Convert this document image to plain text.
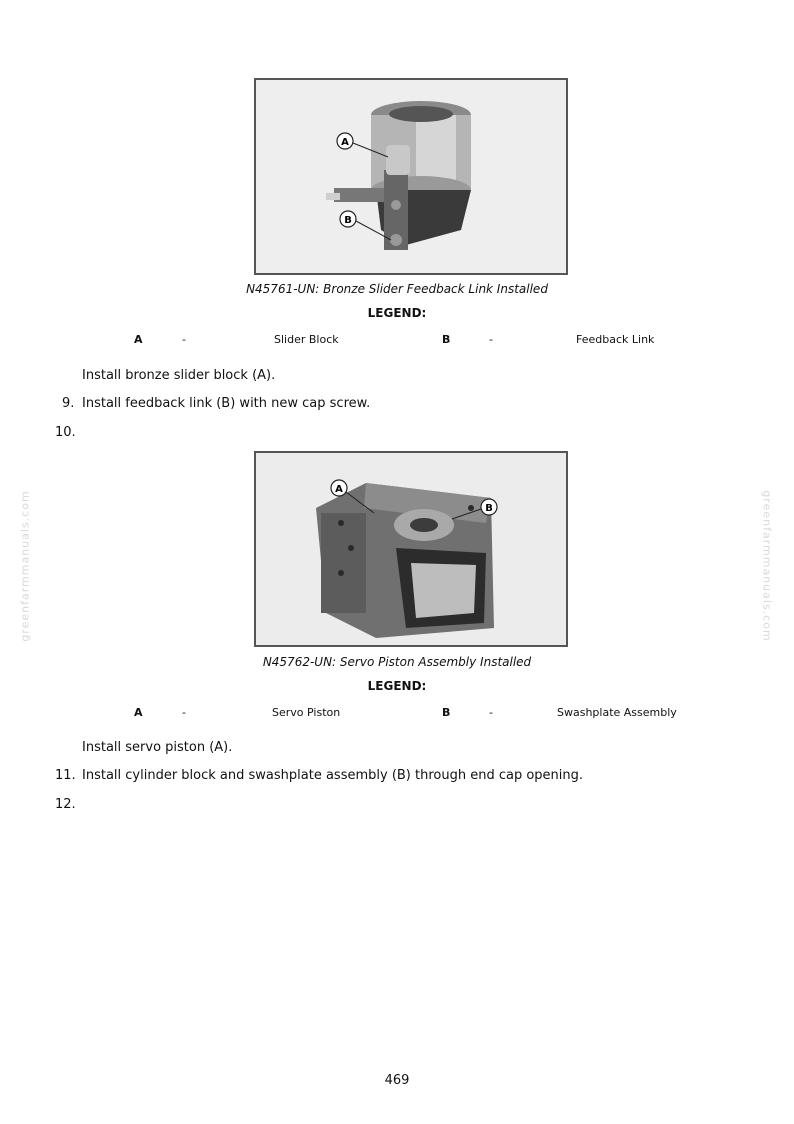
A
B
N45761-UN: Bronze Slider Feedback Link Installed
LEGEND:
A	-	Slider Block	B	-	Feedback Link
Install bronze slider block (A).
9. Install feedback link (B) with new cap screw.
10.
A
B
N45762-UN: Servo Piston Assembly Installed
LEGEND:
A	-	Servo Piston	B	-	Swashplate Assembly
Install servo piston (A).
11. Install cylinder block and swashplate assembly (B) through end cap opening.
12.
greenfarmmanuals.com	greenfarmmanuals.com
469
